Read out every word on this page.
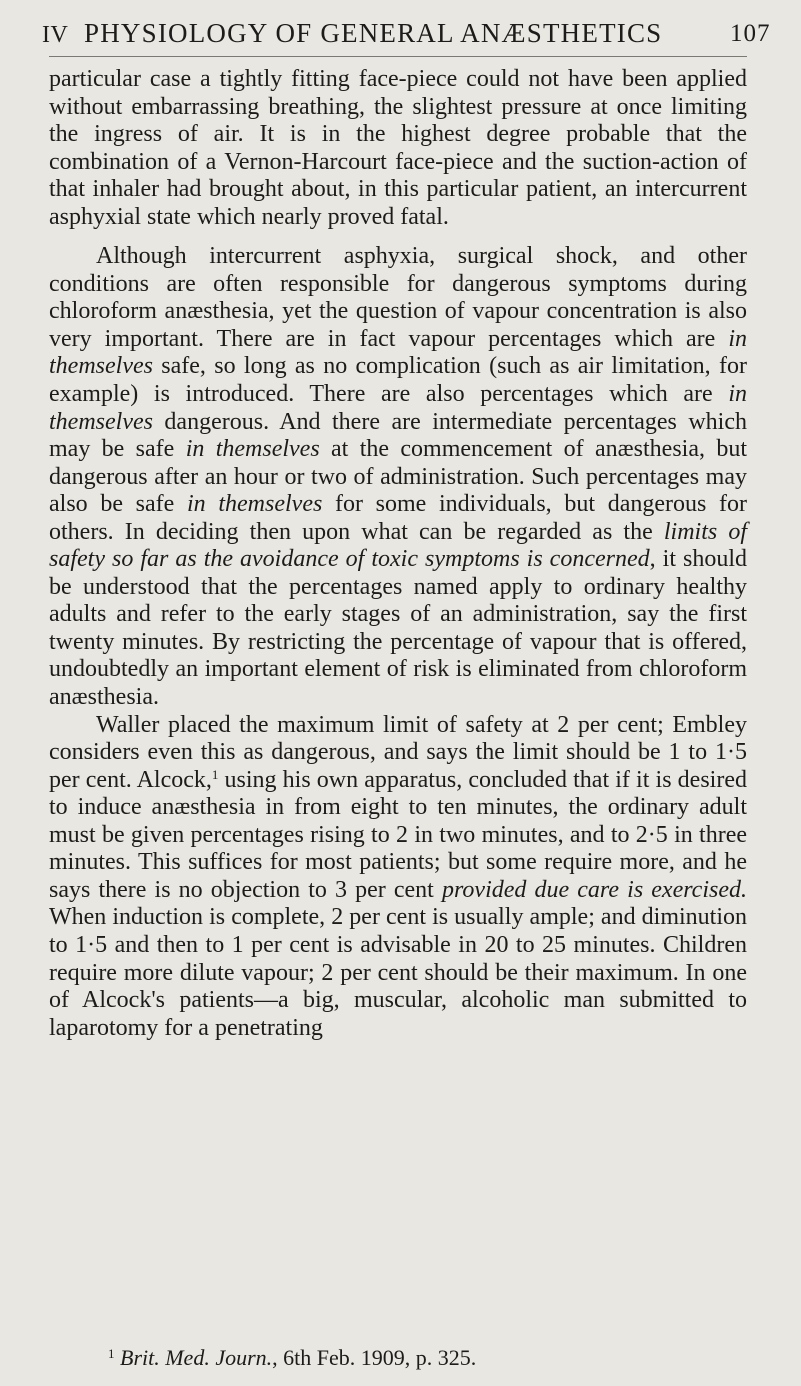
IV PHYSIOLOGY OF GENERAL ANÆSTHETICS	107

particular case a tightly fitting face-piece could not have been applied without embarrassing breathing, the slightest pressure at once limiting the ingress of air. It is in the highest degree probable that the combination of a Vernon-Harcourt face-piece and the suction-action of that inhaler had brought about, in this particular patient, an intercurrent asphyxial state which nearly proved fatal.

Although intercurrent asphyxia, surgical shock, and other conditions are often responsible for dangerous symptoms during chloroform anæsthesia, yet the question of vapour concentration is also very important. There are in fact vapour percentages which are in themselves safe, so long as no complication (such as air limitation, for example) is introduced. There are also percentages which are in themselves dangerous. And there are intermediate percentages which may be safe in themselves at the commencement of anæsthesia, but dangerous after an hour or two of administration. Such percentages may also be safe in themselves for some individuals, but dangerous for others. In deciding then upon what can be regarded as the limits of safety so far as the avoidance of toxic symptoms is concerned, it should be understood that the percentages named apply to ordinary healthy adults and refer to the early stages of an administration, say the first twenty minutes. By restricting the percentage of vapour that is offered, undoubtedly an important element of risk is eliminated from chloroform anæsthesia.

Waller placed the maximum limit of safety at 2 per cent; Embley considers even this as dangerous, and says the limit should be 1 to 1·5 per cent. Alcock,$^1$ using his own apparatus, concluded that if it is desired to induce anæsthesia in from eight to ten minutes, the ordinary adult must be given percentages rising to 2 in two minutes, and to 2·5 in three minutes. This suffices for most patients; but some require more, and he says there is no objection to 3 per cent provided due care is exercised. When induction is complete, 2 per cent is usually ample; and diminution to 1·5 and then to 1 per cent is advisable in 20 to 25 minutes. Children require more dilute vapour; 2 per cent should be their maximum. In one of Alcock's patients—a big, muscular, alcoholic man submitted to laparotomy for a penetrating

$^1$ Brit. Med. Journ., 6th Feb. 1909, p. 325.
